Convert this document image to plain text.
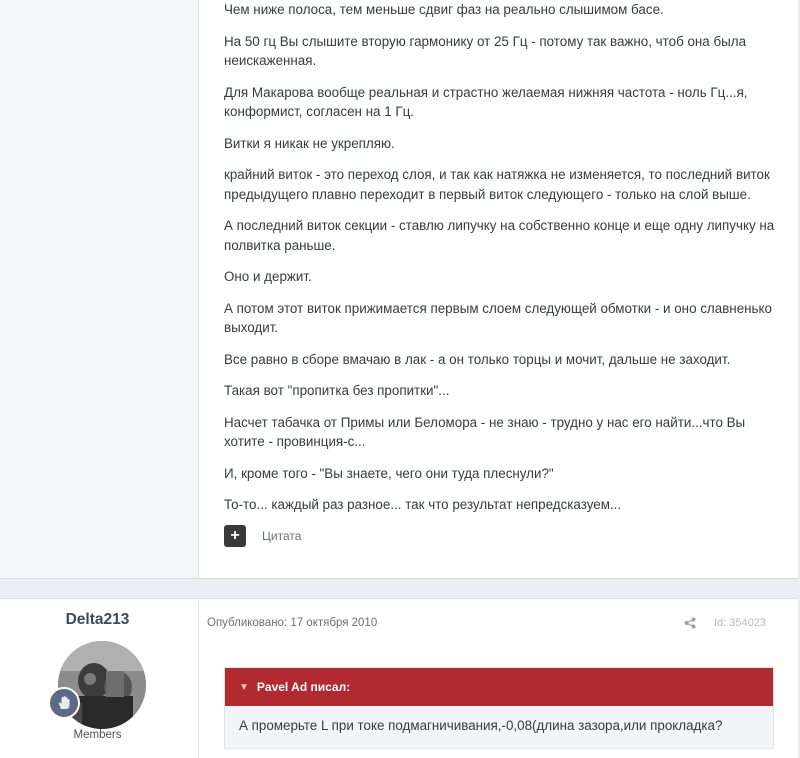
Чем ниже полоса, тем меньше сдвиг фаз на реально слышимом басе.

На 50 гц Вы слышите вторую гармонику от 25 Гц - потому так важно, чтоб она была неискаженная.

Для Макарова вообще реальная и страстно желаемая нижняя частота - ноль Гц...я, конформист, согласен на 1 Гц.

Витки я никак не укрепляю.

крайний виток - это переход слоя, и так как натяжка не изменяется, то последний виток предыдущего плавно переходит в первый виток следующего - только на слой выше.

А последний виток секции - ставлю липучку на собственно конце и еще одну липучку на полвитка раньше.

Оно и держит.

А потом этот виток прижимается первым слоем следующей обмотки - и оно славненько выходит.

Все равно в сборе вмачаю в лак - а он только торцы и мочит, дальше не заходит.

Такая вот "пропитка без пропитки"...

Насчет табачка от Примы или Беломора - не знаю - трудно у нас его найти...что Вы хотите - провинция-с...

И, кроме того - "Вы знаете, чего они туда плеснули?"

То-то... каждый раз разное... так что результат непредсказуем...

+ Цитата
Delta213
Members
Опубликовано: 17 октября 2010	Id: 354023
▼ Pavel Ad писал:
А промерьте L при токе подмагничивания,-0,08(длина зазора,или прокладка?
